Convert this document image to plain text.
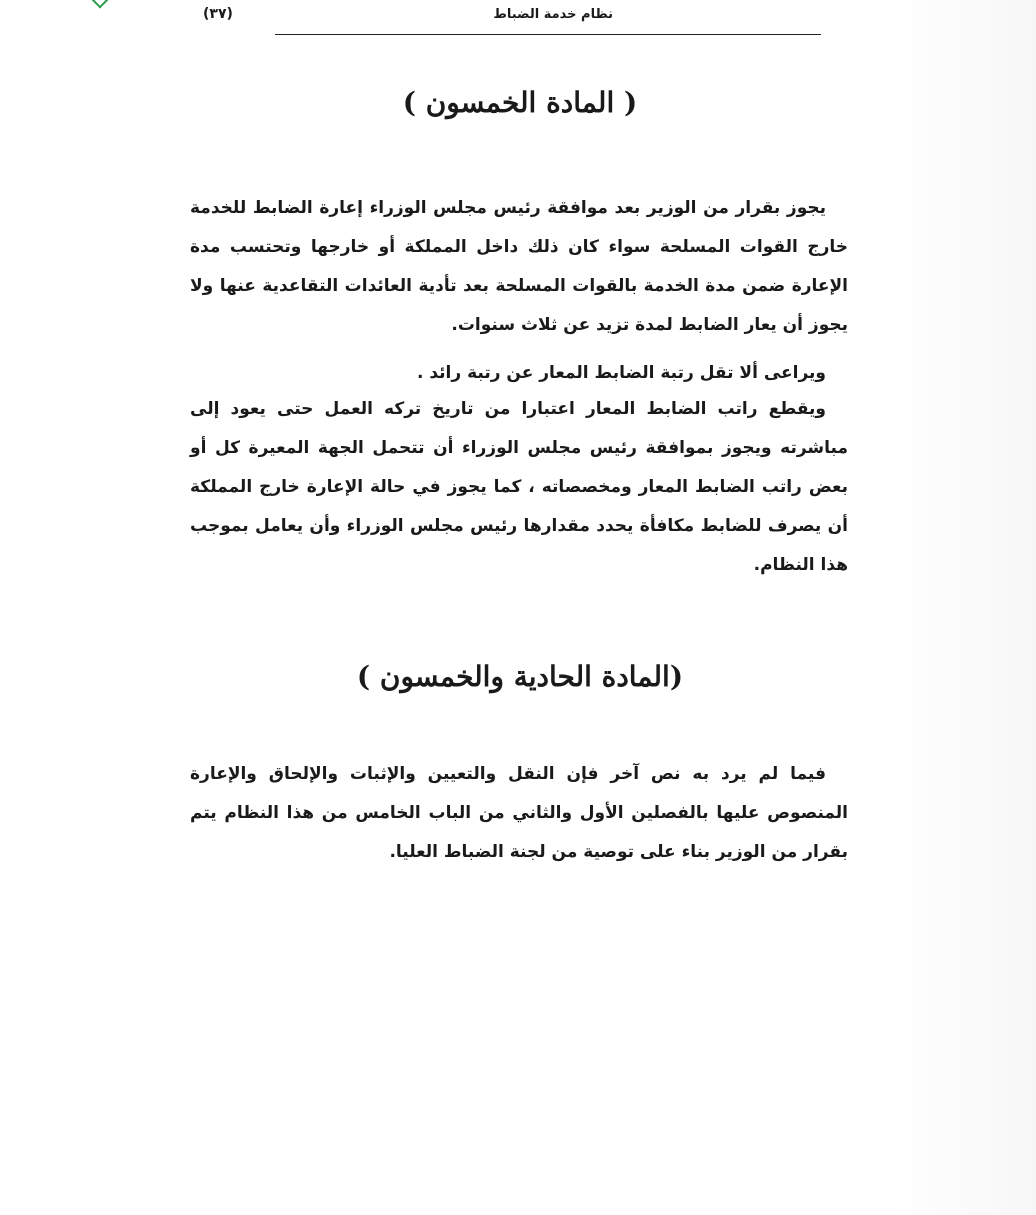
نظام خدمة الضباط
(٣٧)
( المادة الخمسون )

يجوز بقرار من الوزير بعد موافقة رئيس مجلس الوزراء إعارة الضابط للخدمة خارج القوات المسلحة سواء كان ذلك داخل المملكة أو خارجها وتحتسب مدة الإعارة ضمن مدة الخدمة بالقوات المسلحة بعد تأدية العائدات التقاعدية عنها ولا يجوز أن يعار الضابط لمدة تزيد عن ثلاث سنوات.

ويراعى ألا تقل رتبة الضابط المعار عن رتبة رائد .

ويقطع راتب الضابط المعار اعتبارا من تاريخ تركه العمل حتى يعود إلى مباشرته ويجوز بموافقة رئيس مجلس الوزراء أن تتحمل الجهة المعيرة كل أو بعض راتب الضابط المعار ومخصصاته ، كما يجوز في حالة الإعارة خارج المملكة أن يصرف للضابط مكافأة يحدد مقدارها رئيس مجلس الوزراء وأن يعامل بموجب هذا النظام.

(المادة الحادية والخمسون )

فيما لم يرد به نص آخر فإن النقل والتعيين والإثبات والإلحاق والإعارة المنصوص عليها بالفصلين الأول والثاني من الباب الخامس من هذا النظام يتم بقرار من الوزير بناء على توصية من لجنة الضباط العليا.
